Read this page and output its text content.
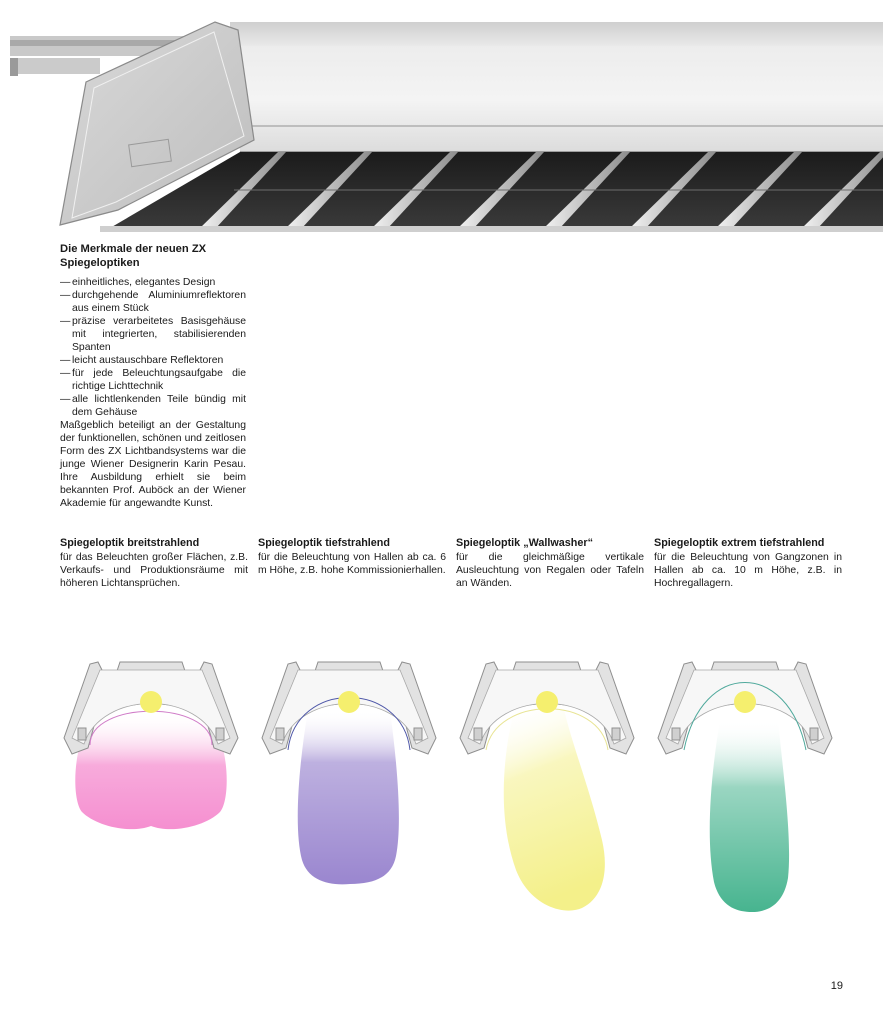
Die Merkmale der neuen ZX Spiegeloptiken
— einheitliches, elegantes Design
— durchgehende Aluminiumreflektoren aus einem Stück
— präzise verarbeitetes Basisgehäuse mit integrierten, stabilisierenden Spanten
— leicht austauschbare Reflektoren
— für jede Beleuchtungsaufgabe die richtige Lichttechnik
— alle lichtlenkenden Teile bündig mit dem Gehäuse

Maßgeblich beteiligt an der Gestaltung der funktionellen, schönen und zeitlosen Form des ZX Lichtbandsystems war die junge Wiener Designerin Karin Pesau. Ihre Ausbildung erhielt sie beim bekannten Prof. Auböck an der Wiener Akademie für angewandte Kunst.

Spiegeloptik breitstrahlend

für das Beleuchten großer Flächen, z.B. Verkaufs- und Produktionsräume mit höheren Lichtansprüchen.

Spiegeloptik tiefstrahlend

für die Beleuchtung von Hallen ab ca. 6 m Höhe, z.B. hohe Kommissionierhallen.

Spiegeloptik „Wallwasher“

für die gleichmäßige vertikale Ausleuchtung von Regalen oder Tafeln an Wänden.

Spiegeloptik extrem tiefstrahlend

für die Beleuchtung von Gangzonen in Hallen ab ca. 10 m Höhe, z.B. in Hochregallagern.

19
